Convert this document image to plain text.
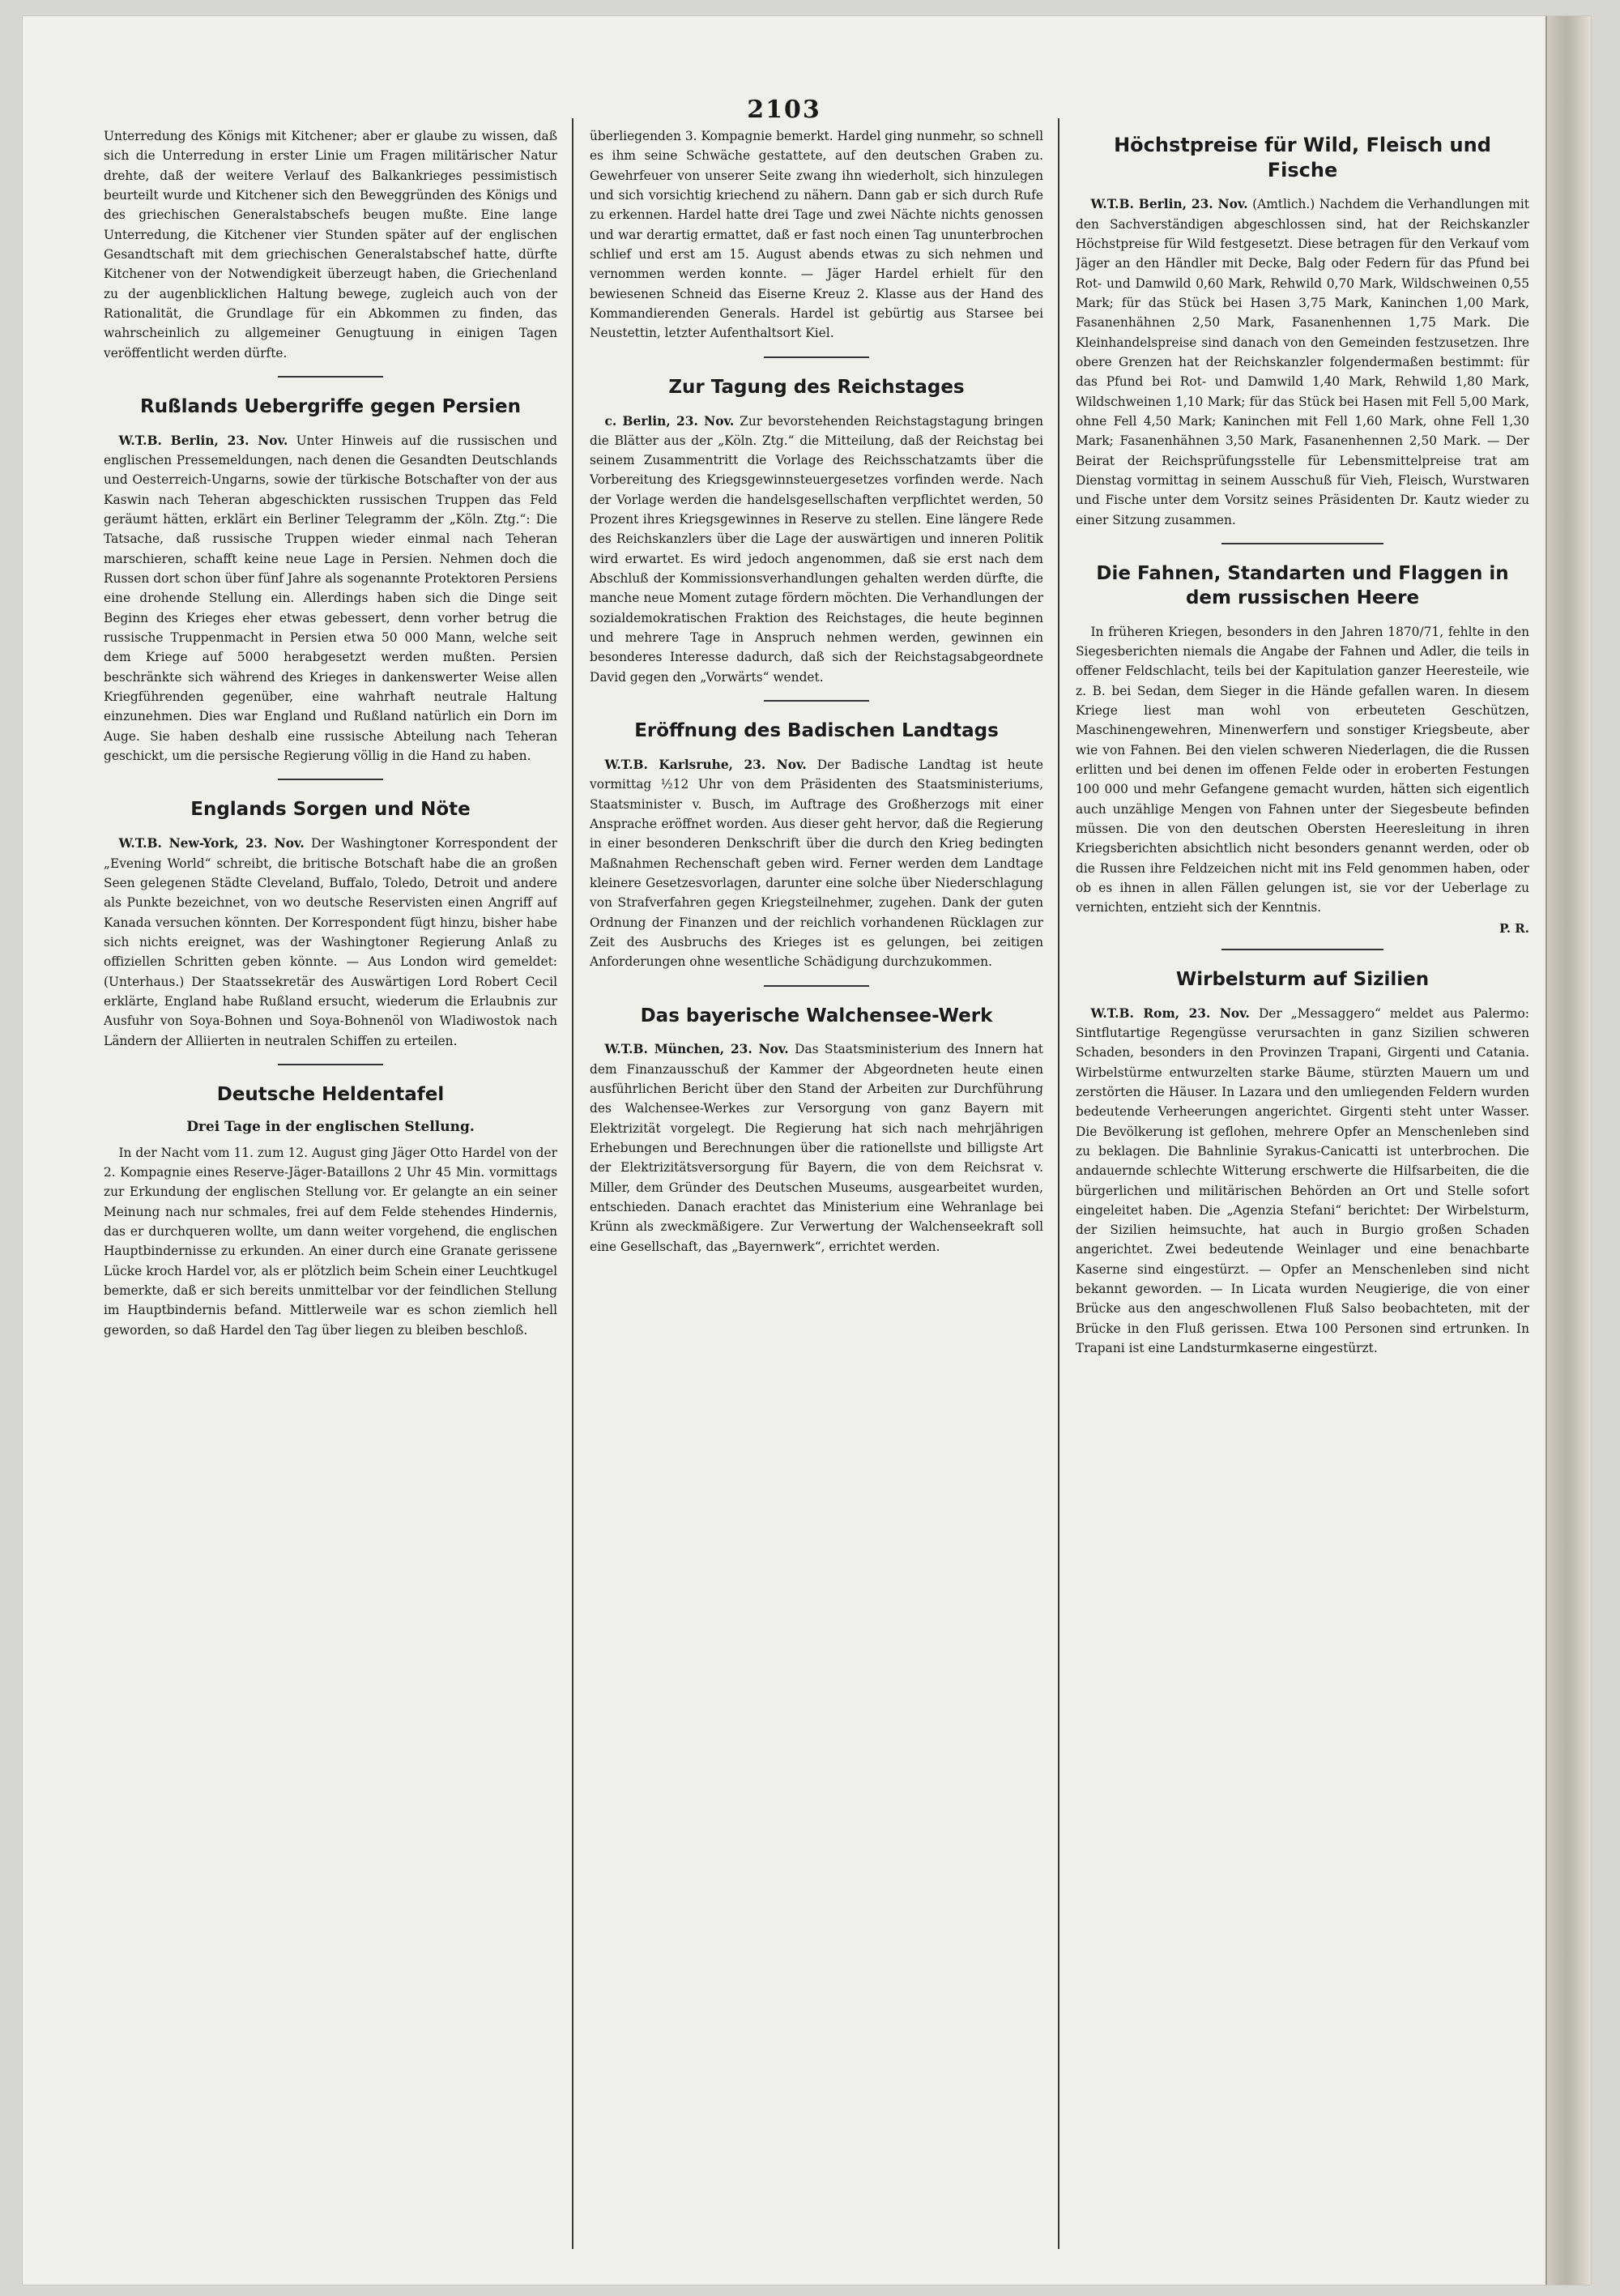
2103

Unterredung des Königs mit Kitchener; aber er glaube zu wissen, daß sich die Unterredung in erster Linie um Fragen militärischer Natur drehte, daß der weitere Verlauf des Balkankrieges pessimistisch beurteilt wurde und Kitchener sich den Beweggründen des Königs und des griechischen Generalstabschefs beugen mußte. Eine lange Unterredung, die Kitchener vier Stunden später auf der englischen Gesandtschaft mit dem griechischen Generalstabschef hatte, dürfte Kitchener von der Notwendigkeit überzeugt haben, die Griechenland zu der augenblicklichen Haltung bewege, zugleich auch von der Rationalität, die Grundlage für ein Abkommen zu finden, das wahrscheinlich zu allgemeiner Genugtuung in einigen Tagen veröffentlicht werden dürfte.

Rußlands Uebergriffe gegen Persien

W.T.B. Berlin, 23. Nov. Unter Hinweis auf die russischen und englischen Pressemeldungen, nach denen die Gesandten Deutschlands und Oesterreich-Ungarns, sowie der türkische Botschafter von der aus Kaswin nach Teheran abgeschickten russischen Truppen das Feld geräumt hätten, erklärt ein Berliner Telegramm der „Köln. Ztg.“: Die Tatsache, daß russische Truppen wieder einmal nach Teheran marschieren, schafft keine neue Lage in Persien. Nehmen doch die Russen dort schon über fünf Jahre als sogenannte Protektoren Persiens eine drohende Stellung ein. Allerdings haben sich die Dinge seit Beginn des Krieges eher etwas gebessert, denn vorher betrug die russische Truppenmacht in Persien etwa 50 000 Mann, welche seit dem Kriege auf 5000 herabgesetzt werden mußten. Persien beschränkte sich während des Krieges in dankenswerter Weise allen Kriegführenden gegenüber, eine wahrhaft neutrale Haltung einzunehmen. Dies war England und Rußland natürlich ein Dorn im Auge. Sie haben deshalb eine russische Abteilung nach Teheran geschickt, um die persische Regierung völlig in die Hand zu haben.

Englands Sorgen und Nöte

W.T.B. New-York, 23. Nov. Der Washingtoner Korrespondent der „Evening World“ schreibt, die britische Botschaft habe die an großen Seen gelegenen Städte Cleveland, Buffalo, Toledo, Detroit und andere als Punkte bezeichnet, von wo deutsche Reservisten einen Angriff auf Kanada versuchen könnten. Der Korrespondent fügt hinzu, bisher habe sich nichts ereignet, was der Washingtoner Regierung Anlaß zu offiziellen Schritten geben könnte. — Aus London wird gemeldet: (Unterhaus.) Der Staatssekretär des Auswärtigen Lord Robert Cecil erklärte, England habe Rußland ersucht, wiederum die Erlaubnis zur Ausfuhr von Soya-Bohnen und Soya-Bohnenöl von Wladiwostok nach Ländern der Alliierten in neutralen Schiffen zu erteilen.

Deutsche Heldentafel
Drei Tage in der englischen Stellung.

In der Nacht vom 11. zum 12. August ging Jäger Otto Hardel von der 2. Kompagnie eines Reserve-Jäger-Bataillons 2 Uhr 45 Min. vormittags zur Erkundung der englischen Stellung vor. Er gelangte an ein seiner Meinung nach nur schmales, frei auf dem Felde stehendes Hindernis, das er durchqueren wollte, um dann weiter vorgehend, die englischen Hauptbindernisse zu erkunden. An einer durch eine Granate gerissene Lücke kroch Hardel vor, als er plötzlich beim Schein einer Leuchtkugel bemerkte, daß er sich bereits unmittelbar vor der feindlichen Stellung im Hauptbindernis befand. Mittlerweile war es schon ziemlich hell geworden, so daß Hardel den Tag über liegen zu bleiben beschloß.

überliegenden 3. Kompagnie bemerkt. Hardel ging nunmehr, so schnell es ihm seine Schwäche gestattete, auf den deutschen Graben zu. Gewehrfeuer von unserer Seite zwang ihn wiederholt, sich hinzulegen und sich vorsichtig kriechend zu nähern. Dann gab er sich durch Rufe zu erkennen. Hardel hatte drei Tage und zwei Nächte nichts genossen und war derartig ermattet, daß er fast noch einen Tag ununterbrochen schlief und erst am 15. August abends etwas zu sich nehmen und vernommen werden konnte. — Jäger Hardel erhielt für den bewiesenen Schneid das Eiserne Kreuz 2. Klasse aus der Hand des Kommandierenden Generals. Hardel ist gebürtig aus Starsee bei Neustettin, letzter Aufenthaltsort Kiel.

Zur Tagung des Reichstages

c. Berlin, 23. Nov. Zur bevorstehenden Reichstagstagung bringen die Blätter aus der „Köln. Ztg.“ die Mitteilung, daß der Reichstag bei seinem Zusammentritt die Vorlage des Reichsschatzamts über die Vorbereitung des Kriegsgewinnsteuergesetzes vorfinden werde. Nach der Vorlage werden die handelsgesellschaften verpflichtet werden, 50 Prozent ihres Kriegsgewinnes in Reserve zu stellen. Eine längere Rede des Reichskanzlers über die Lage der auswärtigen und inneren Politik wird erwartet. Es wird jedoch angenommen, daß sie erst nach dem Abschluß der Kommissionsverhandlungen gehalten werden dürfte, die manche neue Moment zutage fördern möchten. Die Verhandlungen der sozialdemokratischen Fraktion des Reichstages, die heute beginnen und mehrere Tage in Anspruch nehmen werden, gewinnen ein besonderes Interesse dadurch, daß sich der Reichstagsabgeordnete David gegen den „Vorwärts“ wendet.

Eröffnung des Badischen Landtags

W.T.B. Karlsruhe, 23. Nov. Der Badische Landtag ist heute vormittag ½12 Uhr von dem Präsidenten des Staatsministeriums, Staatsminister v. Busch, im Auftrage des Großherzogs mit einer Ansprache eröffnet worden. Aus dieser geht hervor, daß die Regierung in einer besonderen Denkschrift über die durch den Krieg bedingten Maßnahmen Rechenschaft geben wird. Ferner werden dem Landtage kleinere Gesetzesvorlagen, darunter eine solche über Niederschlagung von Strafverfahren gegen Kriegsteilnehmer, zugehen. Dank der guten Ordnung der Finanzen und der reichlich vorhandenen Rücklagen zur Zeit des Ausbruchs des Krieges ist es gelungen, bei zeitigen Anforderungen ohne wesentliche Schädigung durchzukommen.

Das bayerische Walchensee-Werk

W.T.B. München, 23. Nov. Das Staatsministerium des Innern hat dem Finanzausschuß der Kammer der Abgeordneten heute einen ausführlichen Bericht über den Stand der Arbeiten zur Durchführung des Walchensee-Werkes zur Versorgung von ganz Bayern mit Elektrizität vorgelegt. Die Regierung hat sich nach mehrjährigen Erhebungen und Berechnungen über die rationellste und billigste Art der Elektrizitätsversorgung für Bayern, die von dem Reichsrat v. Miller, dem Gründer des Deutschen Museums, ausgearbeitet wurden, entschieden. Danach erachtet das Ministerium eine Wehranlage bei Krünn als zweckmäßigere. Zur Verwertung der Walchenseekraft soll eine Gesellschaft, das „Bayernwerk“, errichtet werden.

Höchstpreise für Wild, Fleisch und Fische

W.T.B. Berlin, 23. Nov. (Amtlich.) Nachdem die Verhandlungen mit den Sachverständigen abgeschlossen sind, hat der Reichskanzler Höchstpreise für Wild festgesetzt. Diese betragen für den Verkauf vom Jäger an den Händler mit Decke, Balg oder Federn für das Pfund bei Rot- und Damwild 0,60 Mark, Rehwild 0,70 Mark, Wildschweinen 0,55 Mark; für das Stück bei Hasen 3,75 Mark, Kaninchen 1,00 Mark, Fasanenhähnen 2,50 Mark, Fasanenhennen 1,75 Mark. Die Kleinhandelspreise sind danach von den Gemeinden festzusetzen. Ihre obere Grenzen hat der Reichskanzler folgendermaßen bestimmt: für das Pfund bei Rot- und Damwild 1,40 Mark, Rehwild 1,80 Mark, Wildschweinen 1,10 Mark; für das Stück bei Hasen mit Fell 5,00 Mark, ohne Fell 4,50 Mark; Kaninchen mit Fell 1,60 Mark, ohne Fell 1,30 Mark; Fasanenhähnen 3,50 Mark, Fasanenhennen 2,50 Mark. — Der Beirat der Reichsprüfungsstelle für Lebensmittelpreise trat am Dienstag vormittag in seinem Ausschuß für Vieh, Fleisch, Wurstwaren und Fische unter dem Vorsitz seines Präsidenten Dr. Kautz wieder zu einer Sitzung zusammen.

Die Fahnen, Standarten und Flaggen in dem russischen Heere

In früheren Kriegen, besonders in den Jahren 1870/71, fehlte in den Siegesberichten niemals die Angabe der Fahnen und Adler, die teils in offener Feldschlacht, teils bei der Kapitulation ganzer Heeresteile, wie z. B. bei Sedan, dem Sieger in die Hände gefallen waren. In diesem Kriege liest man wohl von erbeuteten Geschützen, Maschinengewehren, Minenwerfern und sonstiger Kriegsbeute, aber wie von Fahnen. Bei den vielen schweren Niederlagen, die die Russen erlitten und bei denen im offenen Felde oder in eroberten Festungen 100 000 und mehr Gefangene gemacht wurden, hätten sich eigentlich auch unzählige Mengen von Fahnen unter der Siegesbeute befinden müssen. Die von den deutschen Obersten Heeresleitung in ihren Kriegsberichten absichtlich nicht besonders genannt werden, oder ob die Russen ihre Feldzeichen nicht mit ins Feld genommen haben, oder ob es ihnen in allen Fällen gelungen ist, sie vor der Ueberlage zu vernichten, entzieht sich der Kenntnis.

P. R.
Wirbelsturm auf Sizilien

W.T.B. Rom, 23. Nov. Der „Messaggero“ meldet aus Palermo: Sintflutartige Regengüsse verursachten in ganz Sizilien schweren Schaden, besonders in den Provinzen Trapani, Girgenti und Catania. Wirbelstürme entwurzelten starke Bäume, stürzten Mauern um und zerstörten die Häuser. In Lazara und den umliegenden Feldern wurden bedeutende Verheerungen angerichtet. Girgenti steht unter Wasser. Die Bevölkerung ist geflohen, mehrere Opfer an Menschenleben sind zu beklagen. Die Bahnlinie Syrakus-Canicatti ist unterbrochen. Die andauernde schlechte Witterung erschwerte die Hilfsarbeiten, die die bürgerlichen und militärischen Behörden an Ort und Stelle sofort eingeleitet haben. Die „Agenzia Stefani“ berichtet: Der Wirbelsturm, der Sizilien heimsuchte, hat auch in Burgio großen Schaden angerichtet. Zwei bedeutende Weinlager und eine benachbarte Kaserne sind eingestürzt. — Opfer an Menschenleben sind nicht bekannt geworden. — In Licata wurden Neugierige, die von einer Brücke aus den angeschwollenen Fluß Salso beobachteten, mit der Brücke in den Fluß gerissen. Etwa 100 Personen sind ertrunken. In Trapani ist eine Landsturmkaserne eingestürzt.
